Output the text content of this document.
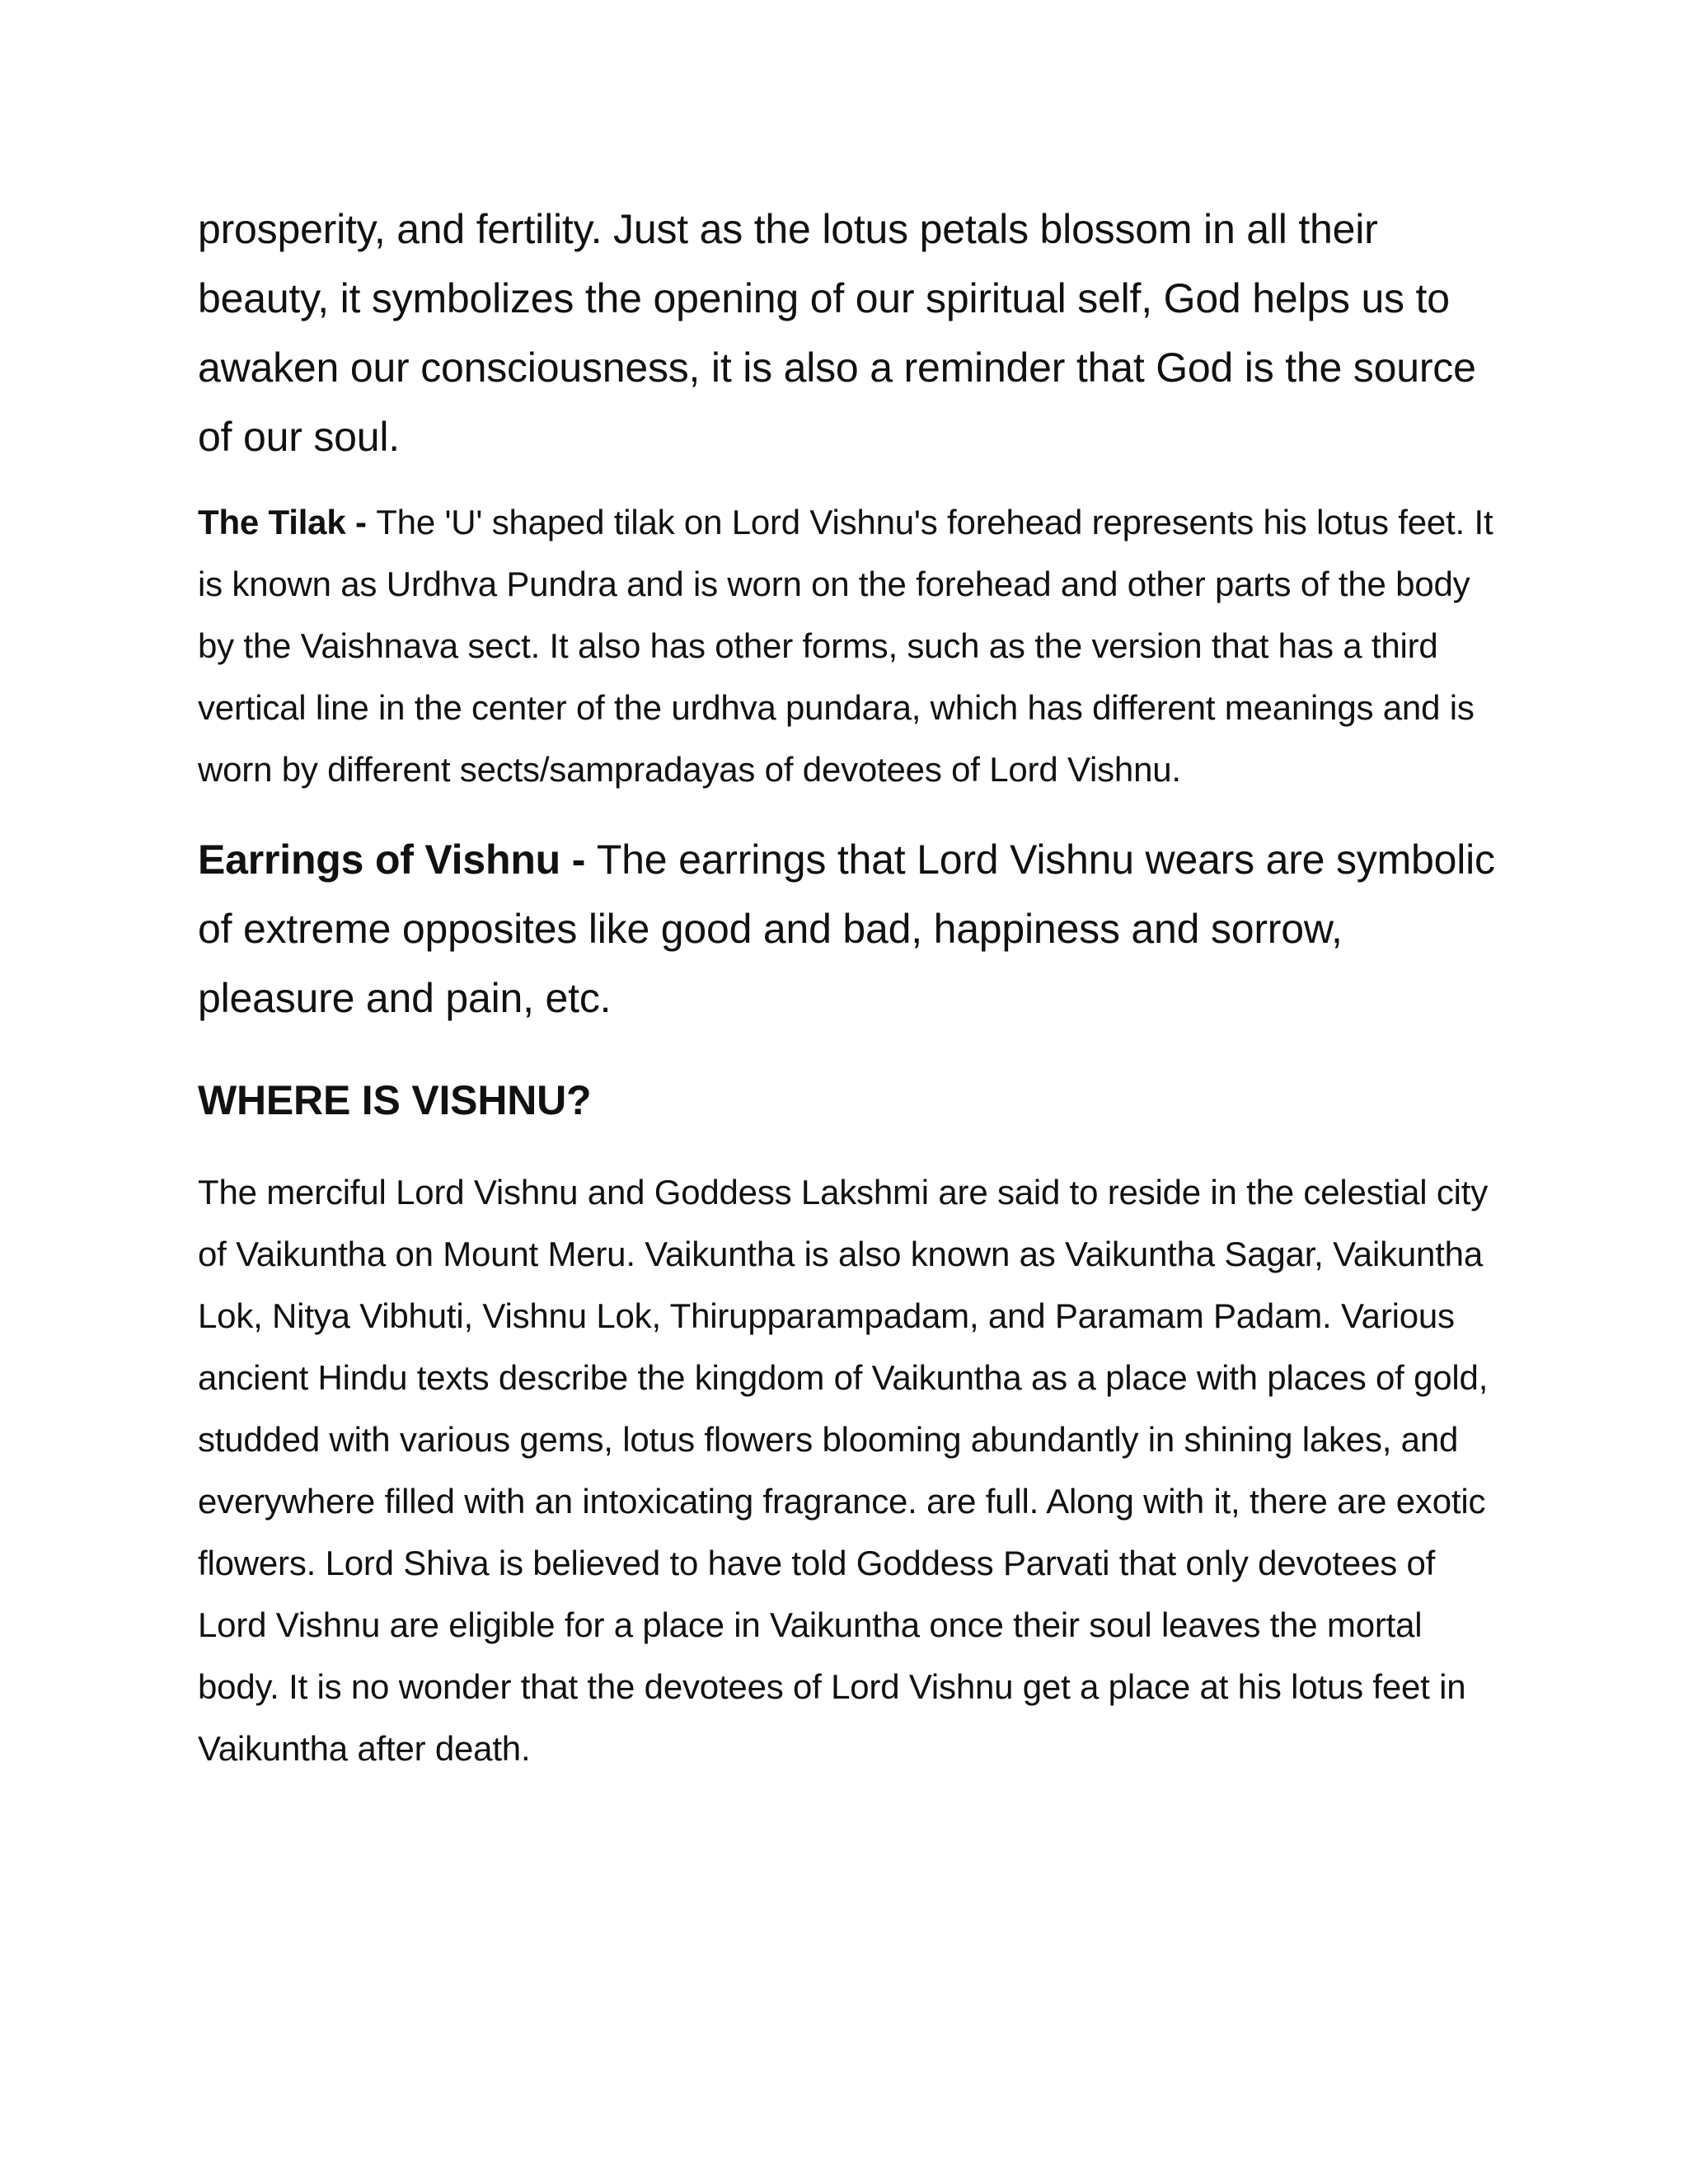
prosperity, and fertility. Just as the lotus petals blossom in all their beauty, it symbolizes the opening of our spiritual self, God helps us to awaken our consciousness, it is also a reminder that God is the source of our soul.

The Tilak - The 'U' shaped tilak on Lord Vishnu's forehead represents his lotus feet. It is known as Urdhva Pundra and is worn on the forehead and other parts of the body by the Vaishnava sect. It also has other forms, such as the version that has a third vertical line in the center of the urdhva pundara, which has different meanings and is worn by different sects/sampradayas of devotees of Lord Vishnu.

Earrings of Vishnu - The earrings that Lord Vishnu wears are symbolic of extreme opposites like good and bad, happiness and sorrow, pleasure and pain, etc.

WHERE IS VISHNU?

The merciful Lord Vishnu and Goddess Lakshmi are said to reside in the celestial city of Vaikuntha on Mount Meru. Vaikuntha is also known as Vaikuntha Sagar, Vaikuntha Lok, Nitya Vibhuti, Vishnu Lok, Thirupparampadam, and Paramam Padam. Various ancient Hindu texts describe the kingdom of Vaikuntha as a place with places of gold, studded with various gems, lotus flowers blooming abundantly in shining lakes, and everywhere filled with an intoxicating fragrance. are full. Along with it, there are exotic flowers. Lord Shiva is believed to have told Goddess Parvati that only devotees of Lord Vishnu are eligible for a place in Vaikuntha once their soul leaves the mortal body. It is no wonder that the devotees of Lord Vishnu get a place at his lotus feet in Vaikuntha after death.
